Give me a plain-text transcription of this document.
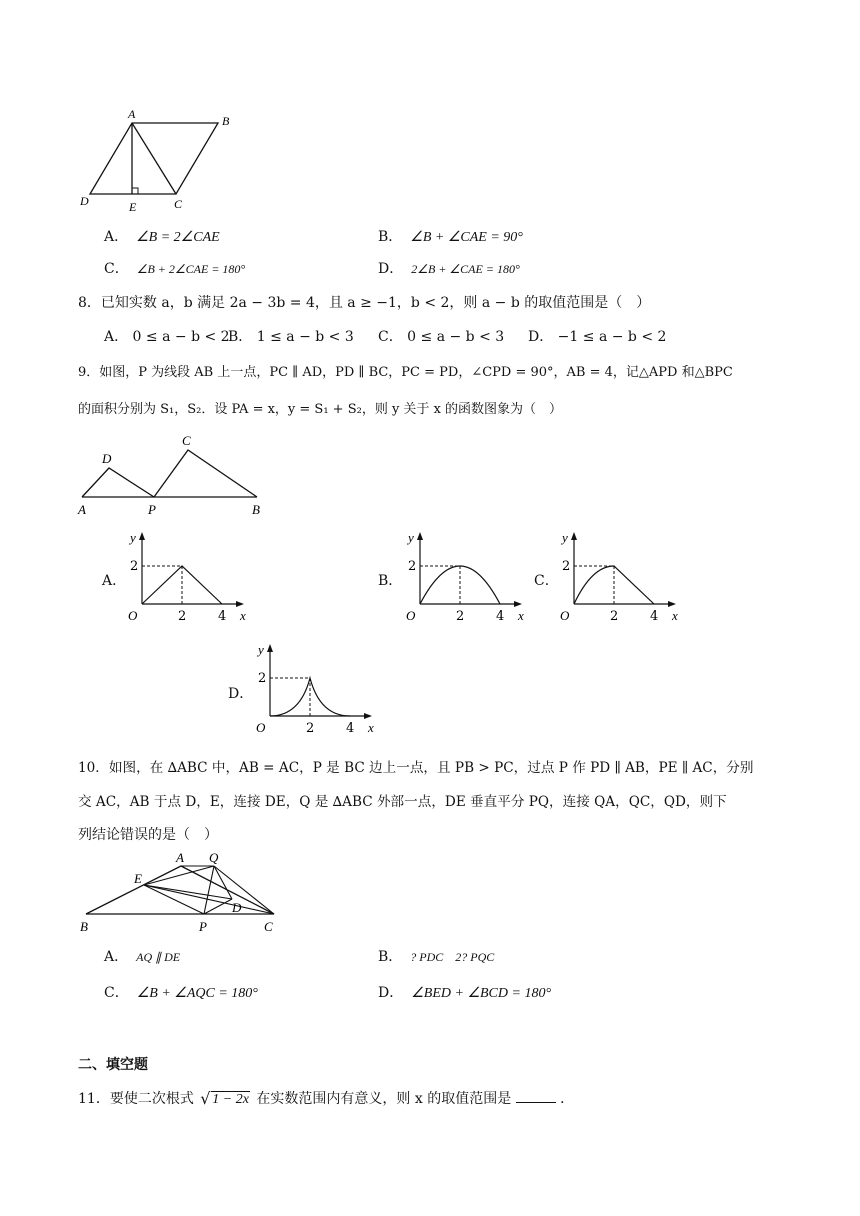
A	B
C
D	E
A． ∠B = 2∠CAE	B． ∠B + ∠CAE = 90°
C． ∠B + 2∠CAE = 180°	D． 2∠B + ∠CAE = 180°
8．已知实数 a，b 满足 2a − 3b = 4，且 a ≥ −1，b < 2，则 a − b 的取值范围是（　）
A． 0 ≤ a − b < 2
B． 1 ≤ a − b < 3 C． 0 ≤ a − b < 3 D． −1 ≤ a − b < 2
9．如图，P 为线段 AB 上一点，PC ∥ AD，PD ∥ BC，PC = PD，∠CPD = 90°，AB = 4，记△APD 和△BPC
的面积分别为 S₁，S₂．设 PA = x，y = S₁ + S₂，则 y 关于 x 的函数图象为（　）
D
C
A	P	B
A．	B．	C．
D．
y
x
O
2
2 4
y
x
O
2
2 4
y
x
O
2
2 4
y
x
O
2
2 4
10．如图，在 ∆ABC 中，AB = AC，P 是 BC 边上一点，且 PB > PC，过点 P 作 PD ∥ AB，PE ∥ AC，分别
交 AC，AB 于点 D，E，连接 DE，Q 是 ∆ABC 外部一点，DE 垂直平分 PQ，连接 QA，QC，QD，则下
列结论错误的是（　）
A Q
E
D
B	P	C
A． AQ ∥ DE	B． ? PDC　2? PQC
C． ∠B + ∠AQC = 180°	D． ∠BED + ∠BCD = 180°
二、填空题
11．要使二次根式 √ 1 − 2x 在实数范围内有意义，则 x 的取值范围是	．
